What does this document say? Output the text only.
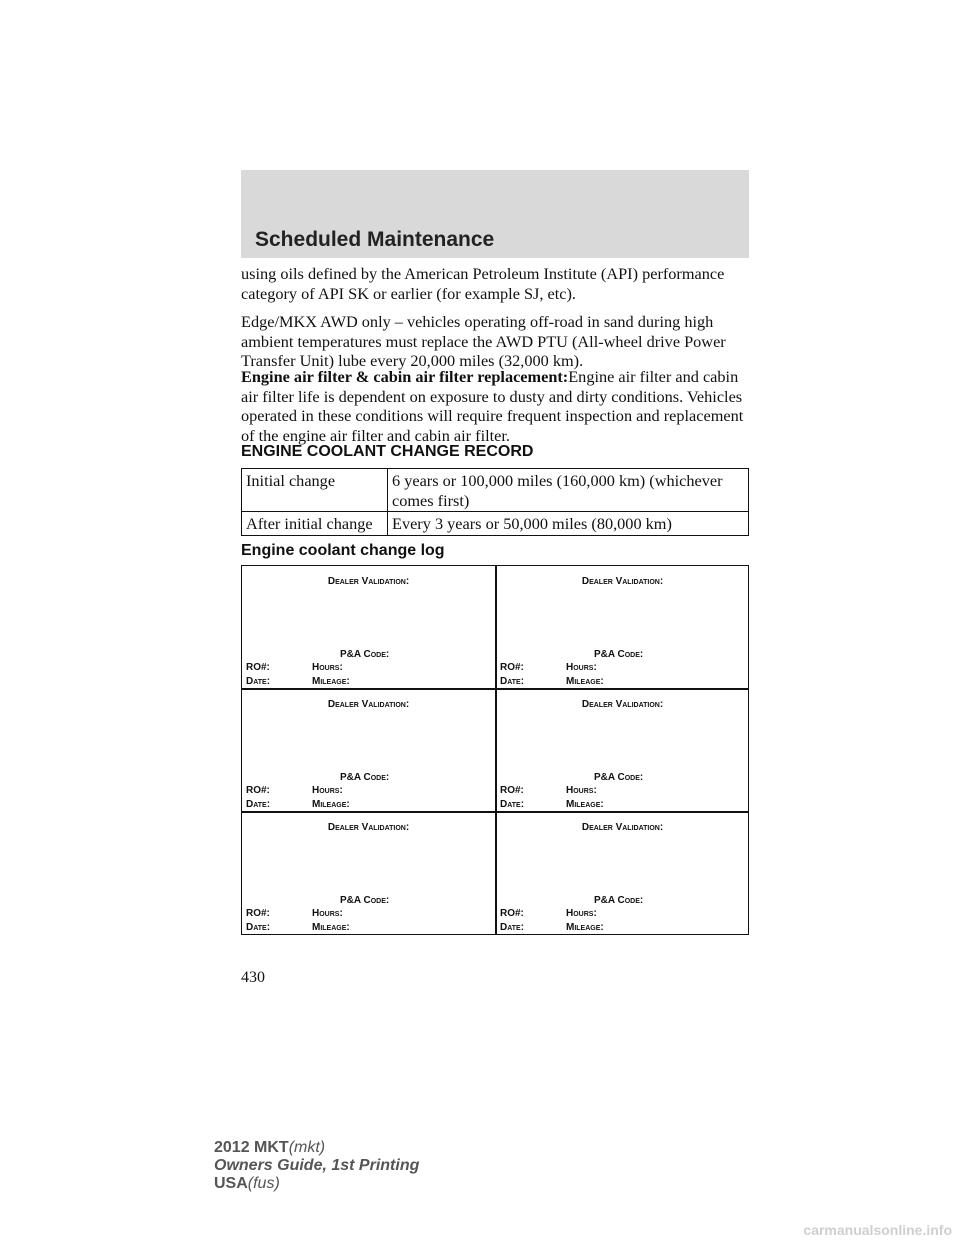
Scheduled Maintenance

using oils defined by the American Petroleum Institute (API) performance category of API SK or earlier (for example SJ, etc).

Edge/MKX AWD only – vehicles operating off-road in sand during high ambient temperatures must replace the AWD PTU (All-wheel drive Power Transfer Unit) lube every 20,000 miles (32,000 km).

Engine air filter & cabin air filter replacement:Engine air filter and cabin air filter life is dependent on exposure to dusty and dirty conditions. Vehicles operated in these conditions will require frequent inspection and replacement of the engine air filter and cabin air filter.

ENGINE COOLANT CHANGE RECORD
Initial change	6 years or 100,000 miles (160,000 km) (whichever comes first)
After initial change	Every 3 years or 50,000 miles (80,000 km)
Engine coolant change log
Dealer Validation:
P&A Code:
RO#:	Hours:
Date:	Mileage:
Dealer Validation:
P&A Code:
RO#:	Hours:
Date:	Mileage:
Dealer Validation:
P&A Code:
RO#:	Hours:
Date:	Mileage:
Dealer Validation:
P&A Code:
RO#:	Hours:
Date:	Mileage:
Dealer Validation:
P&A Code:
RO#:	Hours:
Date:	Mileage:
Dealer Validation:
P&A Code:
RO#:	Hours:
Date:	Mileage:
430
2012 MKT(mkt)
Owners Guide, 1st Printing
USA(fus)
carmanualsonline.info
